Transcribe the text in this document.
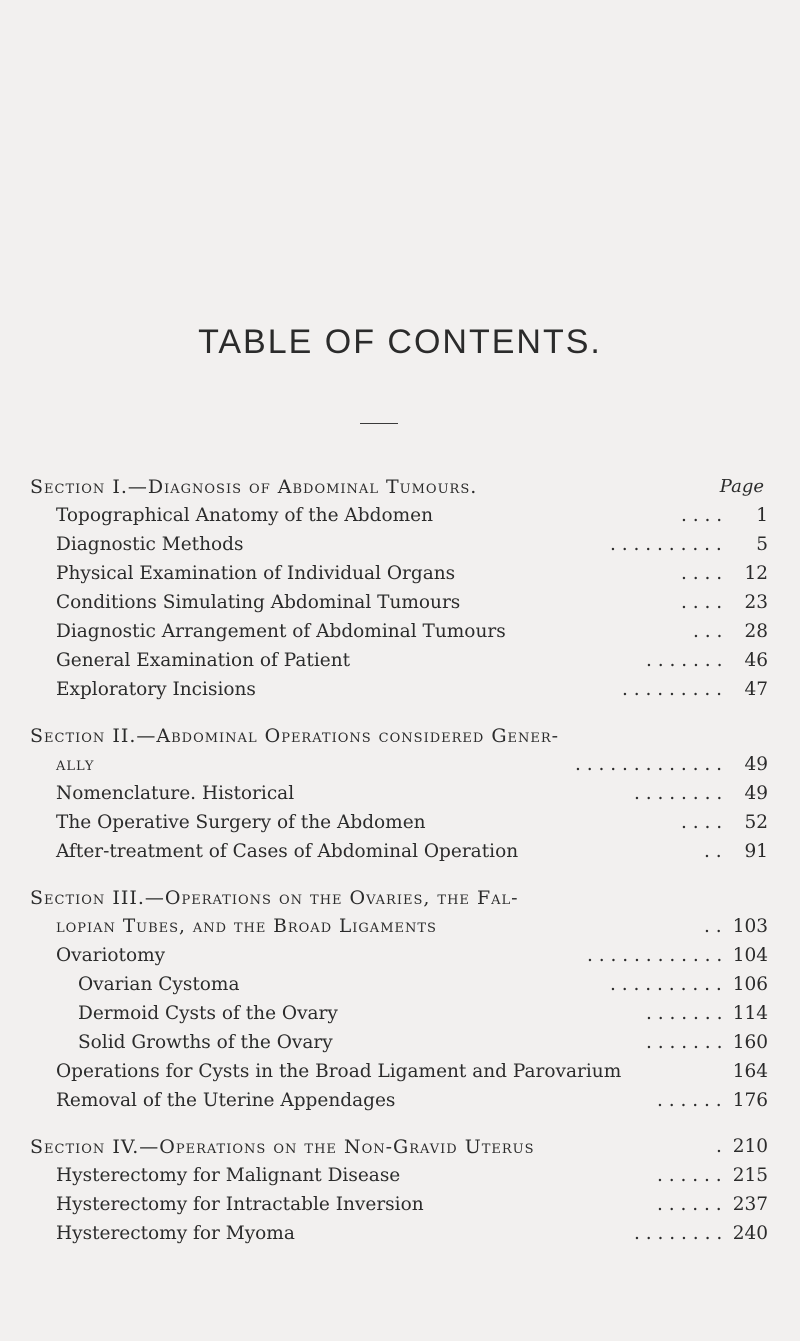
TABLE OF CONTENTS.
Page
Section I.—Diagnosis of Abdominal Tumours.
Topographical Anatomy of the Abdomen	. . . . 1
Diagnostic Methods	. . . . . . . . . . 5
Physical Examination of Individual Organs	. . . . 12
Conditions Simulating Abdominal Tumours	. . . . 23
Diagnostic Arrangement of Abdominal Tumours	. . . 28
General Examination of Patient	. . . . . . . 46
Exploratory Incisions	. . . . . . . . . 47
Section II.—Abdominal Operations considered Gener-
ally	. . . . . . . . . . . . . 49
Nomenclature. Historical	. . . . . . . . 49
The Operative Surgery of the Abdomen	. . . . 52
After-treatment of Cases of Abdominal Operation	. . 91
Section III.—Operations on the Ovaries, the Fal-
lopian Tubes, and the Broad Ligaments	. . 103
Ovariotomy	. . . . . . . . . . . . 104
Ovarian Cystoma	. . . . . . . . . . 106
Dermoid Cysts of the Ovary	. . . . . . . 114
Solid Growths of the Ovary	. . . . . . . 160
Operations for Cysts in the Broad Ligament and Parovarium	164
Removal of the Uterine Appendages	. . . . . . 176
Section IV.—Operations on the Non-Gravid Uterus	. 210
Hysterectomy for Malignant Disease	. . . . . . 215
Hysterectomy for Intractable Inversion	. . . . . . 237
Hysterectomy for Myoma	. . . . . . . . 240
